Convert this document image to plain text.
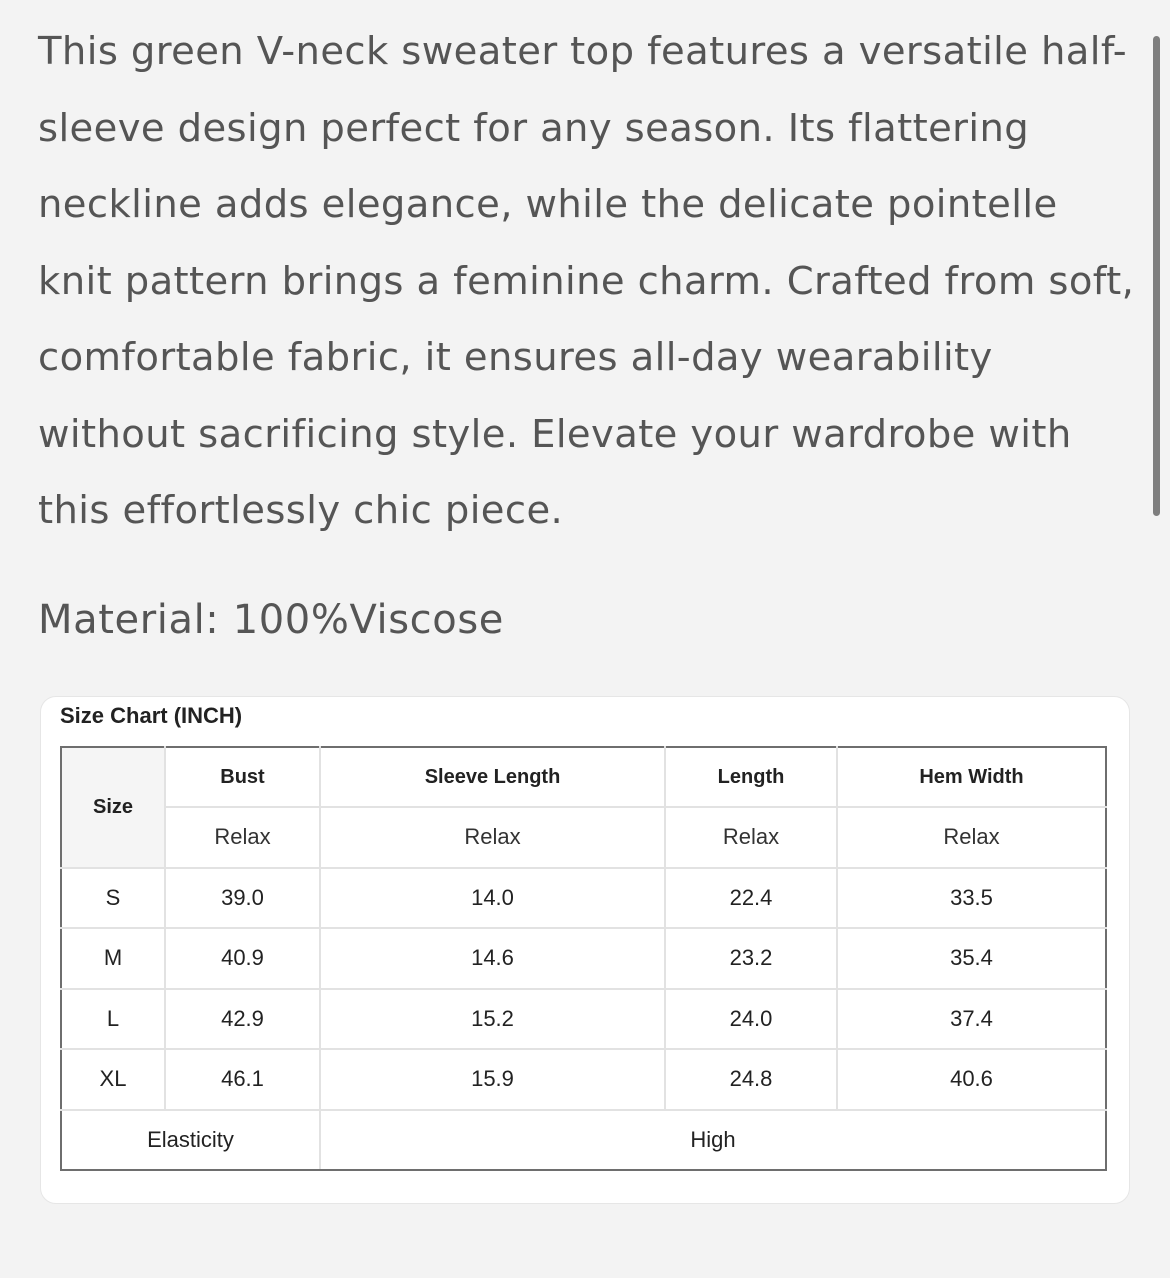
This green V-neck sweater top features a versatile half-sleeve design perfect for any season. Its flattering neckline adds elegance, while the delicate pointelle knit pattern brings a feminine charm. Crafted from soft, comfortable fabric, it ensures all-day wearability without sacrificing style. Elevate your wardrobe with this effortlessly chic piece.

Material: 100%Viscose

Size Chart (INCH)
Size	Bust	Sleeve Length	Length	Hem Width
	Relax	Relax	Relax	Relax
S	39.0	14.0	22.4	33.5
M	40.9	14.6	23.2	35.4
L	42.9	15.2	24.0	37.4
XL	46.1	15.9	24.8	40.6
Elasticity		High		
